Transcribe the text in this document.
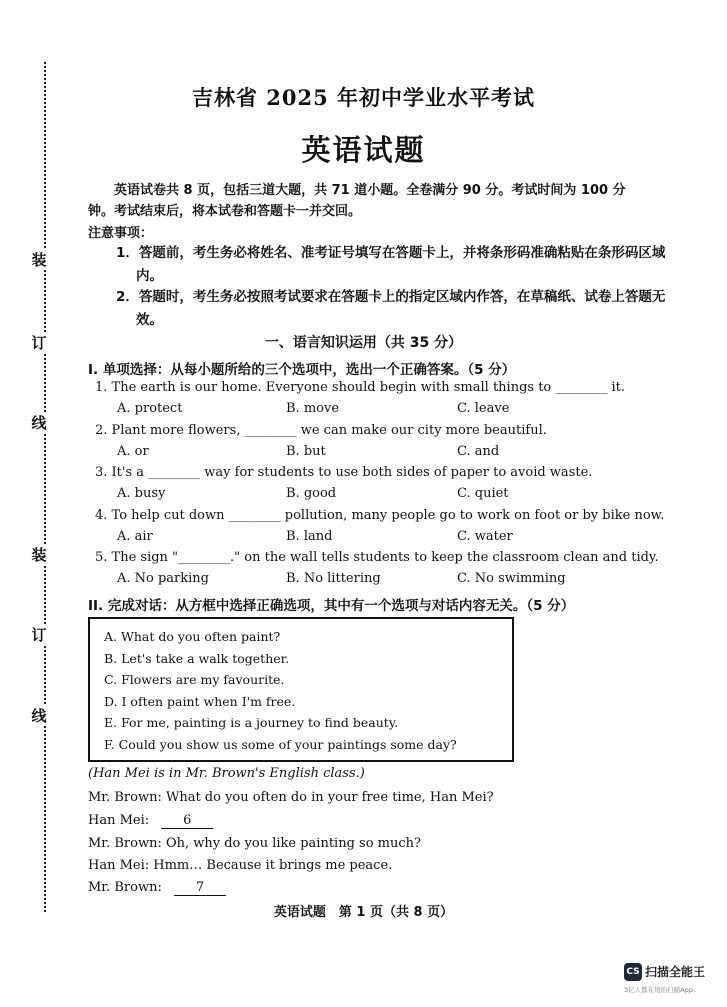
装
订
线
装
订
线
吉林省 2025 年初中学业水平考试
英语试题
英语试卷共 8 页，包括三道大题，共 71 道小题。全卷满分 90 分。考试时间为 100 分钟。考试结束后，将本试卷和答题卡一并交回。
注意事项：
1．答题前，考生务必将姓名、准考证号填写在答题卡上，并将条形码准确粘贴在条形码区域内。
2．答题时，考生务必按照考试要求在答题卡上的指定区域内作答，在草稿纸、试卷上答题无效。
一、语言知识运用（共 35 分）
I. 单项选择：从每小题所给的三个选项中，选出一个正确答案。（5 分）
1. The earth is our home. Everyone should begin with small things to ________ it.
A. protect	B. move	C. leave
2. Plant more flowers, ________ we can make our city more beautiful.
A. or	B. but	C. and
3. It's a ________ way for students to use both sides of paper to avoid waste.
A. busy	B. good	C. quiet
4. To help cut down ________ pollution, many people go to work on foot or by bike now.
A. air	B. land	C. water
5. The sign "________." on the wall tells students to keep the classroom clean and tidy.
A. No parking	B. No littering	C. No swimming
II. 完成对话：从方框中选择正确选项，其中有一个选项与对话内容无关。（5 分）
A. What do you often paint?
B. Let's take a walk together.
C. Flowers are my favourite.
D. I often paint when I'm free.
E. For me, painting is a journey to find beauty.
F. Could you show us some of your paintings some day?
(Han Mei is in Mr. Brown's English class.)
Mr. Brown: What do you often do in your free time, Han Mei?
Han Mei:	6
Mr. Brown: Oh, why do you like painting so much?
Han Mei: Hmm… Because it brings me peace.
Mr. Brown:	7
英语试题　第 1 页（共 8 页）
CS 扫描全能王
3亿人都在用的扫描App
